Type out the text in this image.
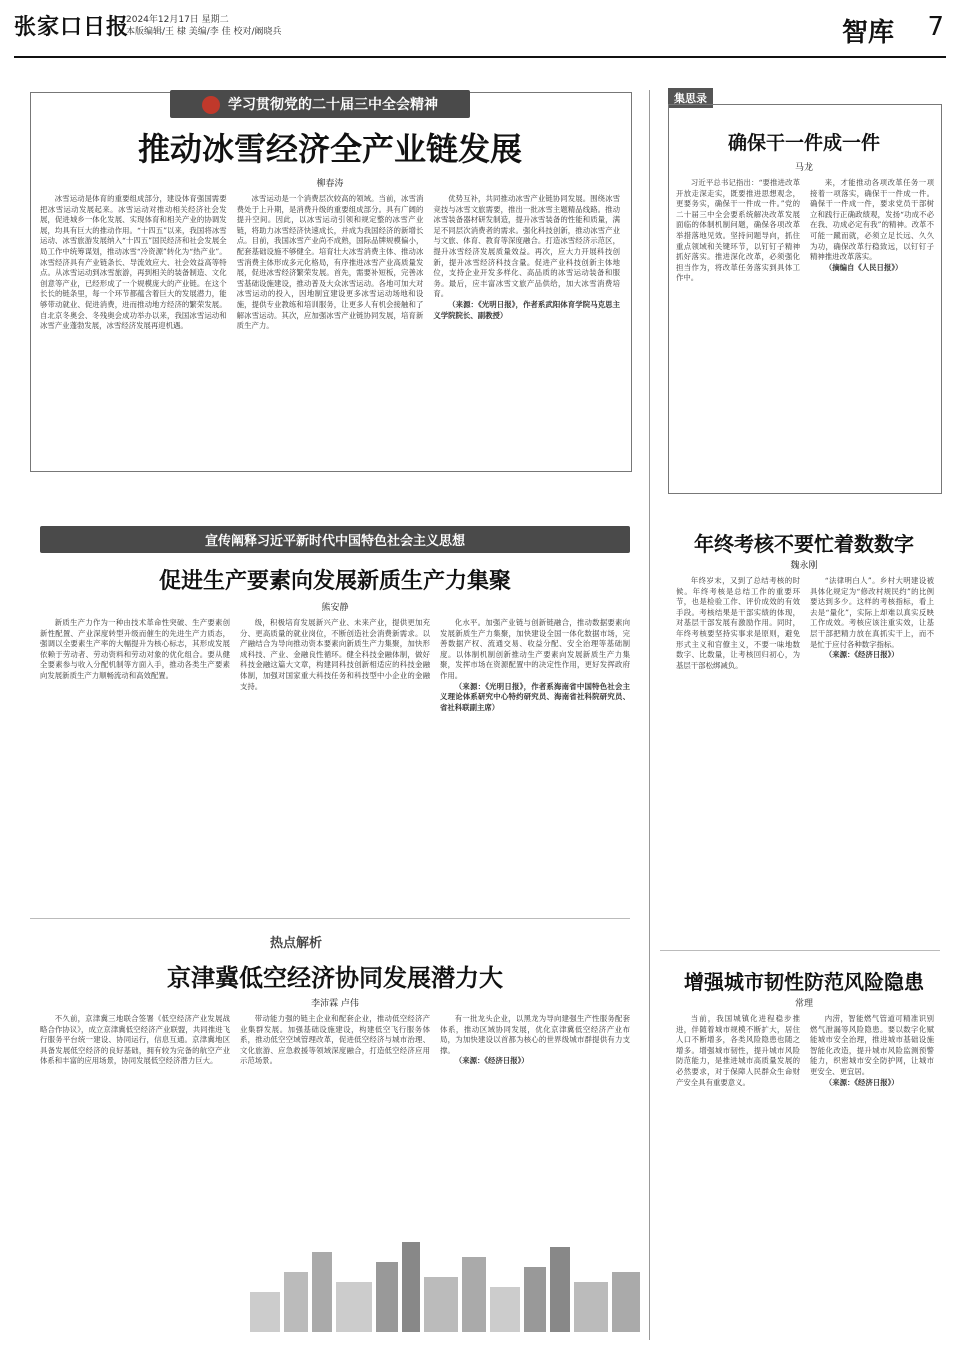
张家口日报
2024年12月17日 星期二
本版编辑/王 棣 美编/李 佳 校对/阚晓兵	智库 7
学习贯彻党的二十届三中全会精神
推动冰雪经济全产业链发展
柳春涛

冰雪运动是体育的重要组成部分，建设体育强国需要把冰雪运动发展起来。冰雪运动对推动相关经济社会发展，促进城乡一体化发展、实现体育和相关产业的协调发展，均具有巨大的推动作用。“十四五”以来，我国将冰雪运动、冰雪旅游发展纳入“十四五”国民经济和社会发展全局工作中统筹谋划，推动冰雪“冷资源”转化为“热产业”。冰雪经济具有产业链条长、导流效应大、社会效益高等特点。从冰雪运动到冰雪旅游，再到相关的装备制造、文化创意等产业，已经形成了一个规模庞大的产业链。在这个长长的链条里，每一个环节都蕴含着巨大的发展潜力，能够带动就业、促进消费，进而推动地方经济的繁荣发展。自北京冬奥会、冬残奥会成功举办以来，我国冰雪运动和冰雪产业蓬勃发展，冰雪经济发展再迎机遇。

冰雪运动是一个消费层次较高的领域。当前，冰雪消费处于上升期，是消费升级的重要组成部分。具有广阔的提升空间。因此，以冰雪运动引领和规定整的冰雪产业链，将助力冰雪经济快速成长，并成为我国经济的新增长点。目前，我国冰雪产业尚不成熟，国际品牌规模偏小，配套基础设施不够健全。培育壮大冰雪消费主体、推动冰雪消费主体形成多元化格局，有序推进冰雪产业高质量发展，促进冰雪经济繁荣发展。首先，需要补短板，完善冰雪基础设施建设，推动普及大众冰雪运动。各地可加大对冰雪运动的投入，因地制宜建设更多冰雪运动场地和设施，提供专业教练和培训服务，让更多人有机会接触和了解冰雪运动。其次，应加强冰雪产业链协同发展，培育新质生产力。

优势互补，共同推动冰雪产业链协同发展。围绕冰雪竞技与冰雪文旅需要，推出一批冰雪主题精品线路。推动冰雪装备器材研发制造，提升冰雪装备的性能和质量，满足不同层次消费者的需求。强化科技创新，推动冰雪产业与文旅、体育、教育等深度融合。打造冰雪经济示范区，提升冰雪经济发展质量效益。再次，应大力开展科技创新，提升冰雪经济科技含量。促进产业科技创新主体地位，支持企业开发多样化、高品质的冰雪运动装备和服务。最后，应丰富冰雪文旅产品供给，加大冰雪消费培育。

（来源：《光明日报》，作者系武阳体育学院马克思主义学院院长、副教授）

集思录
确保干一件成一件
马龙

习近平总书记指出：“要推进改革开放走深走实，既要推进思想观念，更要务实，确保干一件成一件。”党的二十届三中全会要系统解决改革发展面临的体制机制问题，确保各项改革举措落地见效。坚持问题导向，抓住重点领域和关键环节，以钉钉子精神抓好落实。推进深化改革，必须强化担当作为，将改革任务落实到具体工作中。

来，才能推动各项改革任务一项接着一项落实，确保干一件成一件。确保干一件成一件，要求党员干部树立和践行正确政绩观，发扬“功成不必在我、功成必定有我”的精神。改革不可能一蹴而就，必须立足长远、久久为功，确保改革行稳致远，以钉钉子精神推进改革落实。

（摘编自《人民日报》）

宣传阐释习近平新时代中国特色社会主义思想
促进生产要素向发展新质生产力集聚
熊安静

新质生产力作为一种由技术革命性突破、生产要素创新性配置、产业深度转型升级而催生的先进生产力质态，强调以全要素生产率的大幅提升为核心标志，其形成发展依赖于劳动者、劳动资料和劳动对象的优化组合。要从健全要素参与收入分配机制等方面入手，推动各类生产要素向发展新质生产力顺畅流动和高效配置。

级，积极培育发展新兴产业、未来产业，提供更加充分、更高质量的就业岗位，不断创造社会消费新需求。以产融结合为导向推动资本要素向新质生产力集聚，加快形成科技、产业、金融良性循环。健全科技金融体制，做好科技金融这篇大文章，构建同科技创新相适应的科技金融体制，加强对国家重大科技任务和科技型中小企业的金融支持。

化水平。加强产业链与创新链融合，推动数据要素向发展新质生产力集聚，加快建设全国一体化数据市场，完善数据产权、流通交易、收益分配、安全治理等基础制度。以体制机制创新推动生产要素向发展新质生产力集聚，发挥市场在资源配置中的决定性作用，更好发挥政府作用。

（来源：《光明日报》，作者系海南省中国特色社会主义理论体系研究中心特约研究员、海南省社科院研究员、省社科联副主席）

年终考核不要忙着数数字
魏永刚

年终岁末，又到了总结考核的时候。年终考核是总结工作的重要环节，也是检验工作、评价成效的有效手段。考核结果是干部实绩的体现，对基层干部发展有激励作用。同时，年终考核要坚持实事求是原则，避免形式主义和官僚主义，不要一味地数数字、比数量，让考核回归初心，为基层干部松绑减负。

“法律明白人”。乡村大明建设被具体化规定为“修改村规民约”的比例要达到多少。这样的考核指标，看上去是“量化”，实际上却难以真实反映工作成效。考核应该注重实效，让基层干部把精力放在真抓实干上，而不是忙于应付各种数字指标。

（来源：《经济日报》）

热点解析
京津冀低空经济协同发展潜力大
李沛霖 卢伟

不久前，京津冀三地联合签署《低空经济产业发展战略合作协议》，成立京津冀低空经济产业联盟，共同推进飞行服务平台统一建设、协同运行，信息互通。京津冀地区具备发展低空经济的良好基础，拥有较为完备的航空产业体系和丰富的应用场景，协同发展低空经济潜力巨大。

带动能力强的链主企业和配套企业，推动低空经济产业集群发展。加强基础设施建设，构建低空飞行服务体系，推动低空空域管理改革，促进低空经济与城市治理、文化旅游、应急救援等领域深度融合，打造低空经济应用示范场景。

有一批龙头企业，以黑龙为导向建强生产性服务配套体系，推动区域协同发展，优化京津冀低空经济产业布局，为加快建设以首都为核心的世界级城市群提供有力支撑。

（来源：《经济日报》）

增强城市韧性防范风险隐患
常理

当前，我国城镇化进程稳步推进，伴随着城市规模不断扩大，居住人口不断增多，各类风险隐患也随之增多。增强城市韧性，提升城市风险防范能力，是推进城市高质量发展的必然要求，对于保障人民群众生命财产安全具有重要意义。

内涝，智能燃气管道可精准识别燃气泄漏等风险隐患。要以数字化赋能城市安全治理，推进城市基础设施智能化改造，提升城市风险监测预警能力，织密城市安全防护网，让城市更安全、更宜居。

（来源：《经济日报》）
